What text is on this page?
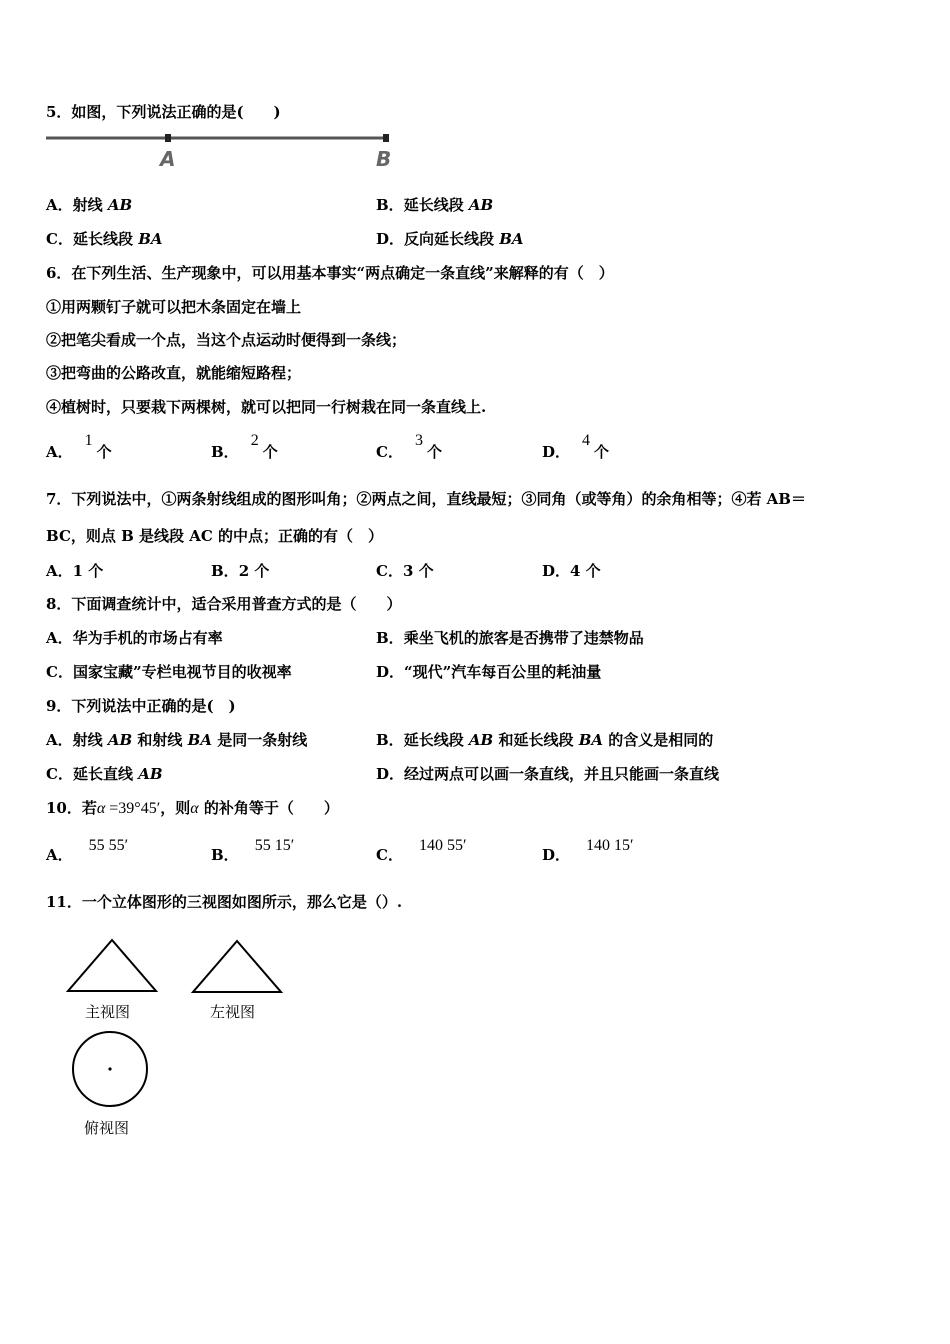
5．如图，下列说法正确的是(　　)
A	B
A．射线 AB	B．延长线段 AB
C．延长线段 BA	D．反向延长线段 BA
6．在下列生活、生产现象中，可以用基本事实“两点确定一条直线”来解释的有（　）
①用两颗钉子就可以把木条固定在墙上
②把笔尖看成一个点，当这个点运动时便得到一条线；
③把弯曲的公路改直，就能缩短路程；
④植树时，只要栽下两棵树，就可以把同一行树栽在同一条直线上.
A．1个	B．2个	C．3个	D．4个
7．下列说法中，①两条射线组成的图形叫角；②两点之间，直线最短；③同角（或等角）的余角相等；④若 AB＝
BC，则点 B 是线段 AC 的中点；正确的有（　）
A．1 个	B．2 个	C．3 个	D．4 个
8．下面调查统计中，适合采用普查方式的是（　　）
A．华为手机的市场占有率	B．乘坐飞机的旅客是否携带了违禁物品
C．国家宝藏”专栏电视节目的收视率	D．“现代”汽车每百公里的耗油量
9．下列说法中正确的是(　)
A．射线 AB 和射线 BA 是同一条射线	B．延长线段 AB 和延长线段 BA 的含义是相同的
C．延长直线 AB	D．经过两点可以画一条直线，并且只能画一条直线
10．若α =39°45′，则α 的补角等于（　　）
A．55 55′
B．55 15′
C．140 55′
D．140 15′
11．一个立体图形的三视图如图所示，那么它是（）.
主视图	左视图
俯视图
